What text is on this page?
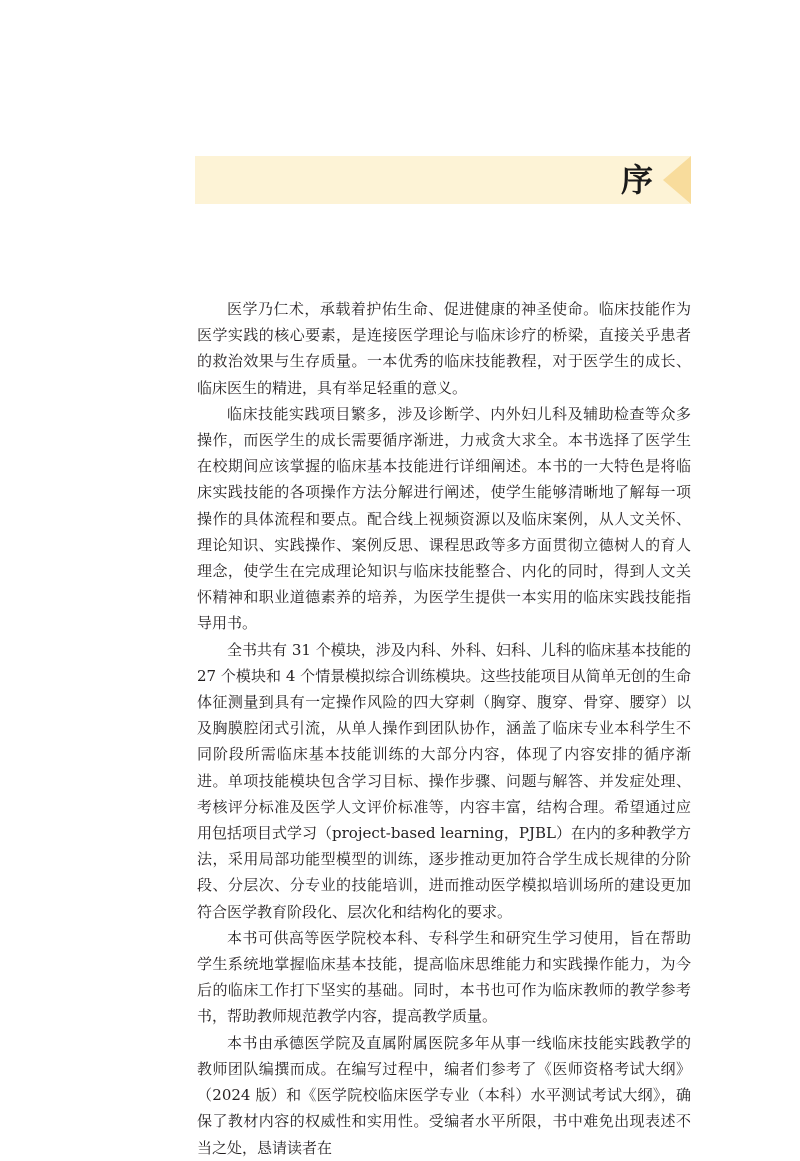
序

医学乃仁术，承载着护佑生命、促进健康的神圣使命。临床技能作为医学实践的核心要素，是连接医学理论与临床诊疗的桥梁，直接关乎患者的救治效果与生存质量。一本优秀的临床技能教程，对于医学生的成长、临床医生的精进，具有举足轻重的意义。

临床技能实践项目繁多，涉及诊断学、内外妇儿科及辅助检查等众多操作，而医学生的成长需要循序渐进，力戒贪大求全。本书选择了医学生在校期间应该掌握的临床基本技能进行详细阐述。本书的一大特色是将临床实践技能的各项操作方法分解进行阐述，使学生能够清晰地了解每一项操作的具体流程和要点。配合线上视频资源以及临床案例，从人文关怀、理论知识、实践操作、案例反思、课程思政等多方面贯彻立德树人的育人理念，使学生在完成理论知识与临床技能整合、内化的同时，得到人文关怀精神和职业道德素养的培养，为医学生提供一本实用的临床实践技能指导用书。

全书共有 31 个模块，涉及内科、外科、妇科、儿科的临床基本技能的 27 个模块和 4 个情景模拟综合训练模块。这些技能项目从简单无创的生命体征测量到具有一定操作风险的四大穿刺（胸穿、腹穿、骨穿、腰穿）以及胸膜腔闭式引流，从单人操作到团队协作，涵盖了临床专业本科学生不同阶段所需临床基本技能训练的大部分内容，体现了内容安排的循序渐进。单项技能模块包含学习目标、操作步骤、问题与解答、并发症处理、考核评分标准及医学人文评价标准等，内容丰富，结构合理。希望通过应用包括项目式学习（project-based learning，PJBL）在内的多种教学方法，采用局部功能型模型的训练，逐步推动更加符合学生成长规律的分阶段、分层次、分专业的技能培训，进而推动医学模拟培训场所的建设更加符合医学教育阶段化、层次化和结构化的要求。

本书可供高等医学院校本科、专科学生和研究生学习使用，旨在帮助学生系统地掌握临床基本技能，提高临床思维能力和实践操作能力，为今后的临床工作打下坚实的基础。同时，本书也可作为临床教师的教学参考书，帮助教师规范教学内容，提高教学质量。

本书由承德医学院及直属附属医院多年从事一线临床技能实践教学的教师团队编撰而成。在编写过程中，编者们参考了《医师资格考试大纲》（2024 版）和《医学院校临床医学专业（本科）水平测试考试大纲》，确保了教材内容的权威性和实用性。受编者水平所限，书中难免出现表述不当之处，恳请读者在
